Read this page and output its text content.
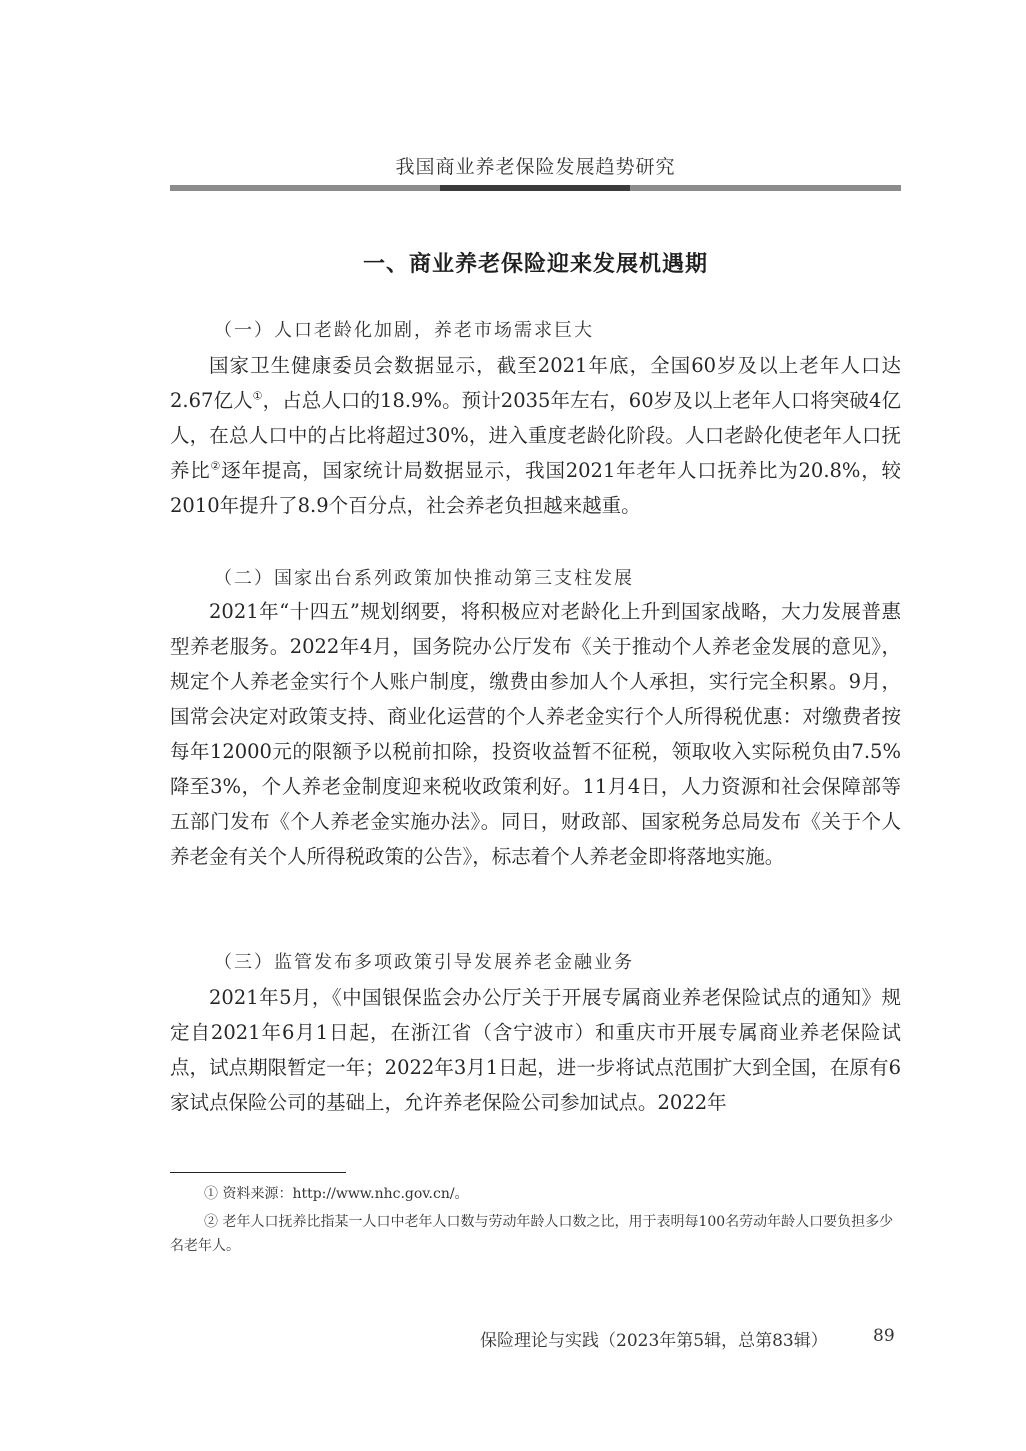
我国商业养老保险发展趋势研究
一、商业养老保险迎来发展机遇期
（一）人口老龄化加剧，养老市场需求巨大

国家卫生健康委员会数据显示，截至2021年底，全国60岁及以上老年人口达2.67亿人①，占总人口的18.9%。预计2035年左右，60岁及以上老年人口将突破4亿人，在总人口中的占比将超过30%，进入重度老龄化阶段。人口老龄化使老年人口抚养比②逐年提高，国家统计局数据显示，我国2021年老年人口抚养比为20.8%，较2010年提升了8.9个百分点，社会养老负担越来越重。

（二）国家出台系列政策加快推动第三支柱发展

2021年“十四五”规划纲要，将积极应对老龄化上升到国家战略，大力发展普惠型养老服务。2022年4月，国务院办公厅发布《关于推动个人养老金发展的意见》，规定个人养老金实行个人账户制度，缴费由参加人个人承担，实行完全积累。9月，国常会决定对政策支持、商业化运营的个人养老金实行个人所得税优惠：对缴费者按每年12000元的限额予以税前扣除，投资收益暂不征税，领取收入实际税负由7.5%降至3%，个人养老金制度迎来税收政策利好。11月4日，人力资源和社会保障部等五部门发布《个人养老金实施办法》。同日，财政部、国家税务总局发布《关于个人养老金有关个人所得税政策的公告》，标志着个人养老金即将落地实施。

（三）监管发布多项政策引导发展养老金融业务

2021年5月，《中国银保监会办公厅关于开展专属商业养老保险试点的通知》规定自2021年6月1日起，在浙江省（含宁波市）和重庆市开展专属商业养老保险试点，试点期限暂定一年；2022年3月1日起，进一步将试点范围扩大到全国，在原有6家试点保险公司的基础上，允许养老保险公司参加试点。2022年

① 资料来源：http://www.nhc.gov.cn/。

② 老年人口抚养比指某一人口中老年人口数与劳动年龄人口数之比，用于表明每100名劳动年龄人口要负担多少名老年人。

保险理论与实践（2023年第5辑，总第83辑）	89
